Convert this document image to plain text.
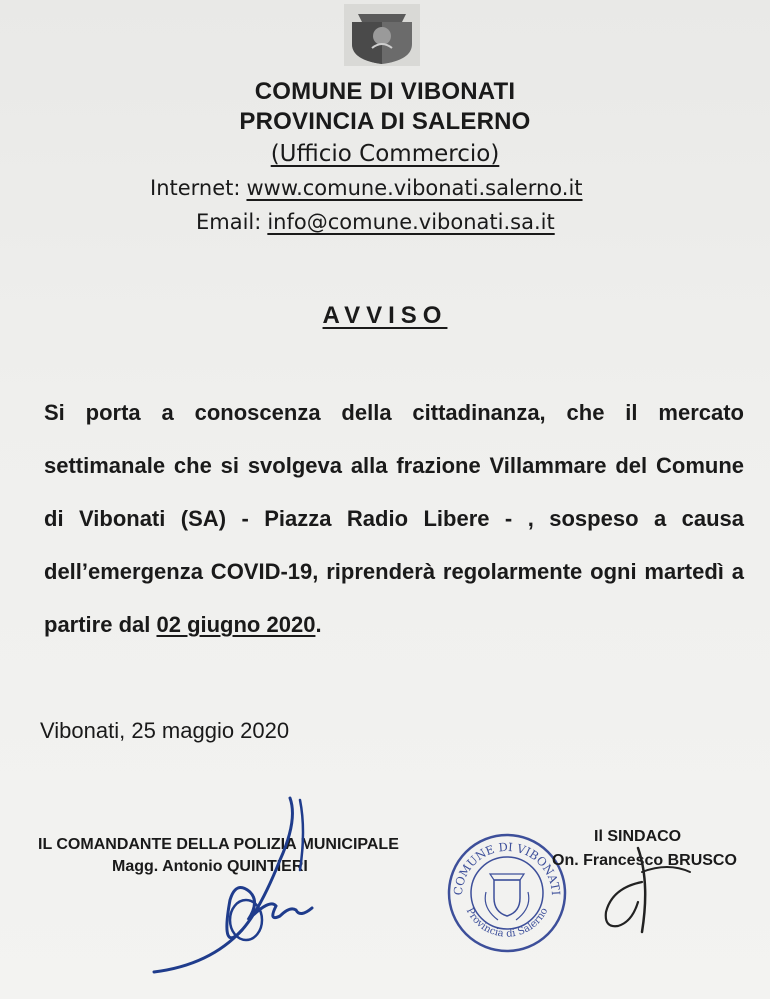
COMUNE DI VIBONATI
PROVINCIA DI SALERNO
(Ufficio Commercio)
Internet: www.comune.vibonati.salerno.it
Email: info@comune.vibonati.sa.it
AVVISO
Si porta a conoscenza della cittadinanza, che il mercato settimanale che si svolgeva alla frazione Villammare del Comune di Vibonati (SA) - Piazza Radio Libere - , sospeso a causa dell’emergenza COVID-19, riprenderà regolarmente ogni martedì a partire dal 02 giugno 2020.
Vibonati, 25 maggio 2020
IL COMANDANTE DELLA POLIZIA MUNICIPALE
Magg. Antonio QUINTIERI
COMUNE DI VIBONATI
Provincia di Salerno
Il SINDACO
On. Francesco BRUSCO
